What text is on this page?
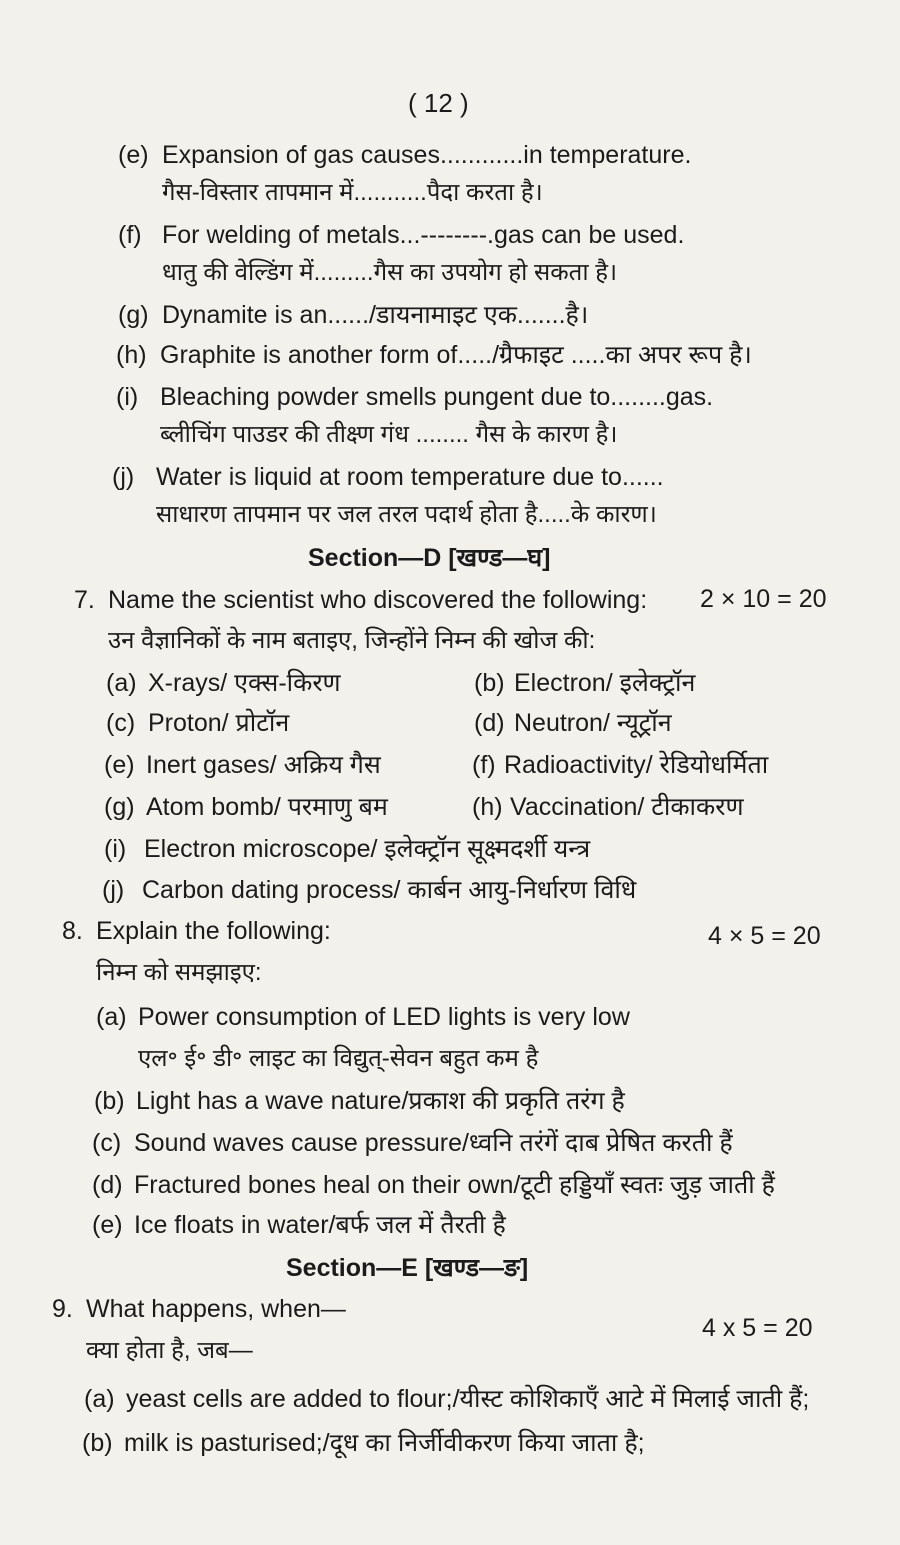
( 12 )
(e) Expansion of gas causes............in temperature.
गैस-विस्तार तापमान में...........पैदा करता है।
(f) For welding of metals...--------.gas can be used.
धातु की वेल्डिंग में.........गैस का उपयोग हो सकता है।
(g) Dynamite is an....../डायनामाइट एक.......है।
(h) Graphite is another form of...../ग्रैफाइट .....का अपर रूप है।
(i) Bleaching powder smells pungent due to........gas.
ब्लीचिंग पाउडर की तीक्ष्ण गंध ........ गैस के कारण है।
(j) Water is liquid at room temperature due to......
साधारण तापमान पर जल तरल पदार्थ होता है.....के कारण।
Section—D [खण्ड—घ]
7. Name the scientist who discovered the following: 2 × 10 = 20
उन वैज्ञानिकों के नाम बताइए, जिन्होंने निम्न की खोज की:
(a) X-rays/ एक्स-किरण	(b) Electron/ इलेक्ट्रॉन
(c) Proton/ प्रोटॉन	(d) Neutron/ न्यूट्रॉन
(e) Inert gases/ अक्रिय गैस	(f) Radioactivity/ रेडियोधर्मिता
(g) Atom bomb/ परमाणु बम	(h) Vaccination/ टीकाकरण
(i) Electron microscope/ इलेक्ट्रॉन सूक्ष्मदर्शी यन्त्र
(j) Carbon dating process/ कार्बन आयु-निर्धारण विधि
8. Explain the following:	4 × 5 = 20
निम्न को समझाइए:
(a) Power consumption of LED lights is very low
एल॰ ई॰ डी॰ लाइट का विद्युत्-सेवन बहुत कम है
(b) Light has a wave nature/प्रकाश की प्रकृति तरंग है
(c) Sound waves cause pressure/ध्वनि तरंगें दाब प्रेषित करती हैं
(d) Fractured bones heal on their own/टूटी हड्डियाँ स्वतः जुड़ जाती हैं
(e) Ice floats in water/बर्फ जल में तैरती है
Section—E [खण्ड—ङ]
9. What happens, when—
4 x 5 = 20
क्या होता है, जब—
(a) yeast cells are added to flour;/यीस्ट कोशिकाएँ आटे में मिलाई जाती हैं;
(b) milk is pasturised;/दूध का निर्जीवीकरण किया जाता है;
